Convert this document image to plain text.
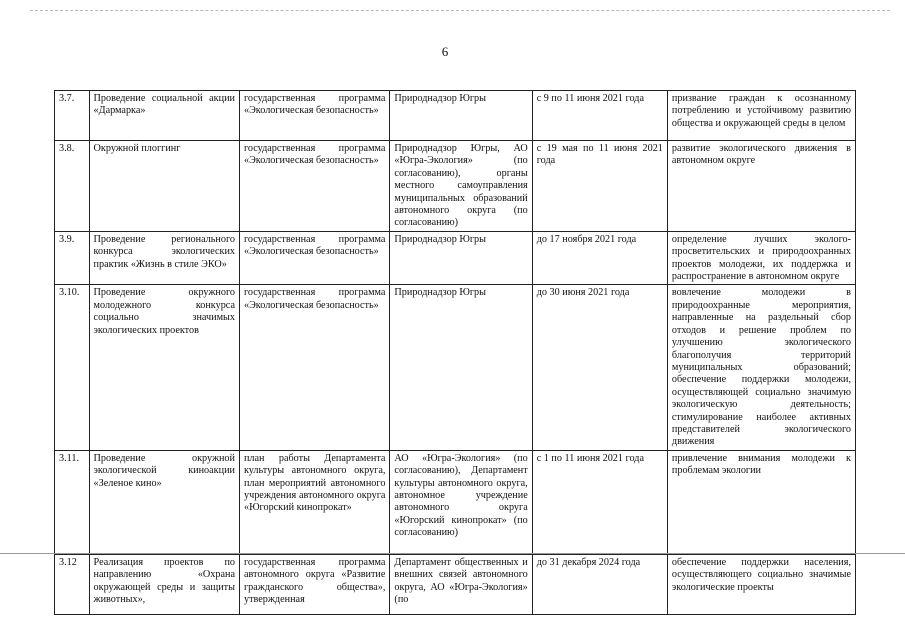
6
3.7.	Проведение социальной акции «Дармарка»	государственная программа «Экологическая безопасность»	Природнадзор Югры	с 9 по 11 июня 2021 года	призвание граждан к осознанному потреблению и устойчивому развитию общества и окружающей среды в целом
3.8.	Окружной плоггинг	государственная программа «Экологическая безопасность»	Природнадзор Югры, АО «Югра-Экология» (по согласованию), органы местного самоуправления муниципальных образований автономного округа (по согласованию)	с 19 мая по 11 июня 2021 года	развитие экологического движения в автономном округе
3.9.	Проведение регионального конкурса экологических практик «Жизнь в стиле ЭКО»	государственная программа «Экологическая безопасность»	Природнадзор Югры	до 17 ноября 2021 года	определение лучших эколого-просветительских и природоохранных проектов молодежи, их поддержка и распространение в автономном округе
3.10.	Проведение окружного молодежного конкурса социально значимых экологических проектов	государственная программа «Экологическая безопасность»	Природнадзор Югры	до 30 июня 2021 года	вовлечение молодежи в природоохранные мероприятия, направленные на раздельный сбор отходов и решение проблем по улучшению экологического благополучия территорий муниципальных образований; обеспечение поддержки молодежи, осуществляющей социально значимую экологическую деятельность; стимулирование наиболее активных представителей экологического движения
3.11.	Проведение окружной экологической киноакции «Зеленое кино»	план работы Департамента культуры автономного округа, план мероприятий автономного учреждения автономного округа «Югорский кинопрокат»	АО «Югра-Экология» (по согласованию), Департамент культуры автономного округа, автономное учреждение автономного округа «Югорский кинопрокат» (по согласованию)	с 1 по 11 июня 2021 года	привлечение внимания молодежи к проблемам экологии
3.12	Реализация проектов по направлению «Охрана окружающей среды и защиты животных»,	государственная программа автономного округа «Развитие гражданского общества», утвержденная	Департамент общественных и внешних связей автономного округа, АО «Югра-Экология» (по	до 31 декабря 2024 года	обеспечение поддержки населения, осуществляющего социально значимые экологические проекты
